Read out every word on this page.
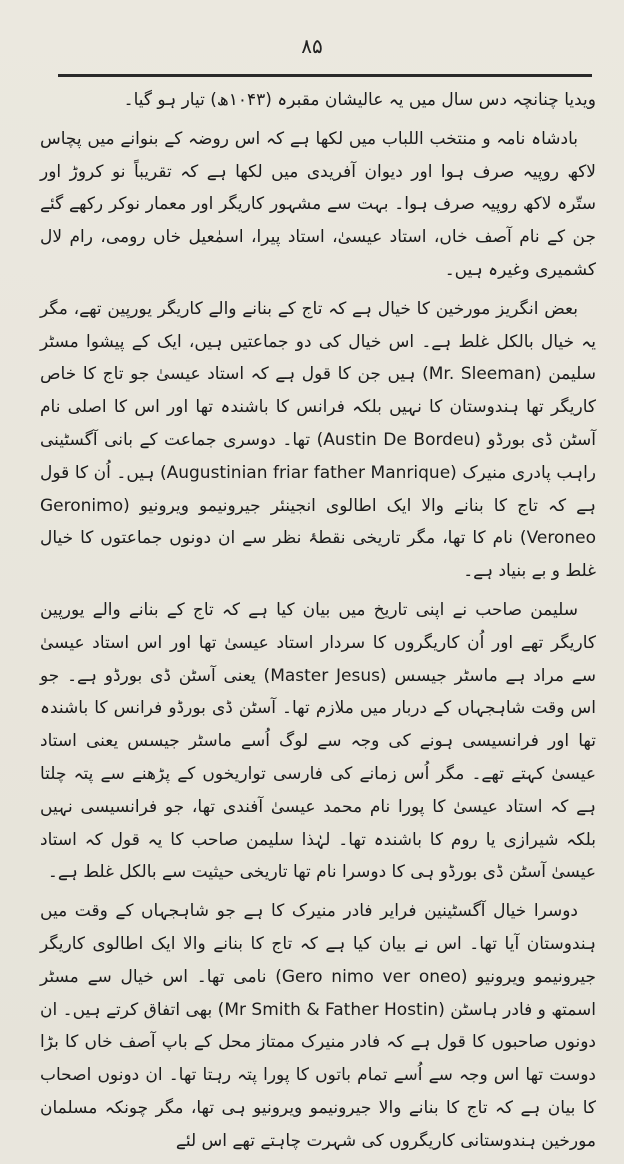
۸۵

ویدیا چنانچہ دس سال میں یہ عالیشان مقبرہ (۱۰۴۳ھ) تیار ہو گیا۔

بادشاہ نامہ و منتخب اللباب میں لکھا ہے کہ اس روضہ کے بنوانے میں پچاس لاکھ روپیہ صرف ہوا اور دیوان آفریدی میں لکھا ہے کہ تقریباً نو کروڑ اور ستّرہ لاکھ روپیہ صرف ہوا۔ بہت سے مشہور کاریگر اور معمار نوکر رکھے گئے جن کے نام آصف خاں، استاد عیسیٰ، استاد پیرا، اسمٰعیل خاں رومی، رام لال کشمیری وغیرہ ہیں۔

بعض انگریز مورخین کا خیال ہے کہ تاج کے بنانے والے کاریگر یورپین تھے، مگر یہ خیال بالکل غلط ہے۔ اس خیال کی دو جماعتیں ہیں، ایک کے پیشوا مسٹر سلیمن (Mr. Sleeman) ہیں جن کا قول ہے کہ استاد عیسیٰ جو تاج کا خاص کاریگر تھا ہندوستان کا نہیں بلکہ فرانس کا باشندہ تھا اور اس کا اصلی نام آسٹن ڈی بورڈو (Austin De Bordeu) تھا۔ دوسری جماعت کے بانی آگسٹینی راہب پادری منیرک (Augustinian friar father Manrique) ہیں۔ اُن کا قول ہے کہ تاج کا بنانے والا ایک اطالوی انجینئر جیرونیمو ویرونیو (Geronimo Veroneo) نام کا تھا، مگر تاریخی نقطۂ نظر سے ان دونوں جماعتوں کا خیال غلط و بے بنیاد ہے۔

سلیمن صاحب نے اپنی تاریخ میں بیان کیا ہے کہ تاج کے بنانے والے یورپین کاریگر تھے اور اُن کاریگروں کا سردار استاد عیسیٰ تھا اور اس استاد عیسیٰ سے مراد ہے ماسٹر جیسس (Master Jesus) یعنی آسٹن ڈی بورڈو ہے۔ جو اس وقت شاہجہاں کے دربار میں ملازم تھا۔ آسٹن ڈی بورڈو فرانس کا باشندہ تھا اور فرانسیسی ہونے کی وجہ سے لوگ اُسے ماسٹر جیسس یعنی استاد عیسیٰ کہتے تھے۔ مگر اُس زمانے کی فارسی تواریخوں کے پڑھنے سے پتہ چلتا ہے کہ استاد عیسیٰ کا پورا نام محمد عیسیٰ آفندی تھا، جو فرانسیسی نہیں بلکہ شیرازی یا روم کا باشندہ تھا۔ لہٰذا سلیمن صاحب کا یہ قول کہ استاد عیسیٰ آسٹن ڈی بورڈو ہی کا دوسرا نام تھا تاریخی حیثیت سے بالکل غلط ہے۔

دوسرا خیال آگسٹینین فرایر فادر منیرک کا ہے جو شاہجہاں کے وقت میں ہندوستان آیا تھا۔ اس نے بیان کیا ہے کہ تاج کا بنانے والا ایک اطالوی کاریگر جیرونیمو ویرونیو (Gero nimo ver oneo) نامی تھا۔ اس خیال سے مسٹر اسمتھ و فادر ہاسٹن (Mr Smith & Father Hostin) بھی اتفاق کرتے ہیں۔ ان دونوں صاحبوں کا قول ہے کہ فادر منیرک ممتاز محل کے باپ آصف خاں کا بڑا دوست تھا اس وجہ سے اُسے تمام باتوں کا پورا پتہ رہتا تھا۔ ان دونوں اصحاب کا بیان ہے کہ تاج کا بنانے والا جیرونیمو ویرونیو ہی تھا، مگر چونکہ مسلمان مورخین ہندوستانی کاریگروں کی شہرت چاہتے تھے اس لئے
